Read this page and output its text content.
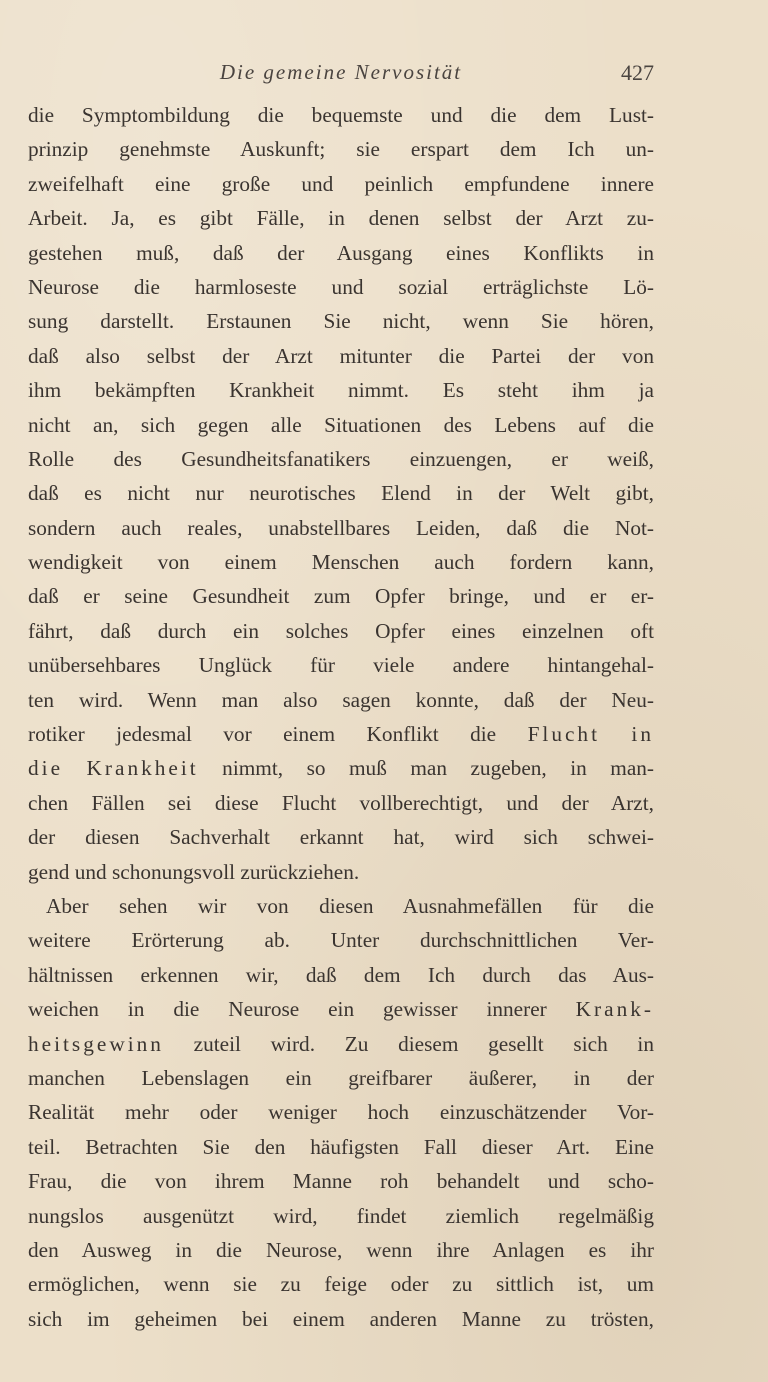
Die gemeine Nervosität	427
die Symptombildung die bequemste und die dem Lust-
prinzip genehmste Auskunft; sie erspart dem Ich un-
zweifelhaft eine große und peinlich empfundene innere
Arbeit. Ja, es gibt Fälle, in denen selbst der Arzt zu-
gestehen muß, daß der Ausgang eines Konflikts in
Neurose die harmloseste und sozial erträglichste Lö-
sung darstellt. Erstaunen Sie nicht, wenn Sie hören,
daß also selbst der Arzt mitunter die Partei der von
ihm bekämpften Krankheit nimmt. Es steht ihm ja
nicht an, sich gegen alle Situationen des Lebens auf die
Rolle des Gesundheitsfanatikers einzuengen, er weiß,
daß es nicht nur neurotisches Elend in der Welt gibt,
sondern auch reales, unabstellbares Leiden, daß die Not-
wendigkeit von einem Menschen auch fordern kann,
daß er seine Gesundheit zum Opfer bringe, und er er-
fährt, daß durch ein solches Opfer eines einzelnen oft
unübersehbares Unglück für viele andere hintangehal-
ten wird. Wenn man also sagen konnte, daß der Neu-
rotiker jedesmal vor einem Konflikt die Flucht in
die Krankheit nimmt, so muß man zugeben, in man-
chen Fällen sei diese Flucht vollberechtigt, und der Arzt,
der diesen Sachverhalt erkannt hat, wird sich schwei-
gend und schonungsvoll zurückziehen.
Aber sehen wir von diesen Ausnahmefällen für die
weitere Erörterung ab. Unter durchschnittlichen Ver-
hältnissen erkennen wir, daß dem Ich durch das Aus-
weichen in die Neurose ein gewisser innerer Krank-
heitsgewinn zuteil wird. Zu diesem gesellt sich in
manchen Lebenslagen ein greifbarer äußerer, in der
Realität mehr oder weniger hoch einzuschätzender Vor-
teil. Betrachten Sie den häufigsten Fall dieser Art. Eine
Frau, die von ihrem Manne roh behandelt und scho-
nungslos ausgenützt wird, findet ziemlich regelmäßig
den Ausweg in die Neurose, wenn ihre Anlagen es ihr
ermöglichen, wenn sie zu feige oder zu sittlich ist, um
sich im geheimen bei einem anderen Manne zu trösten,
